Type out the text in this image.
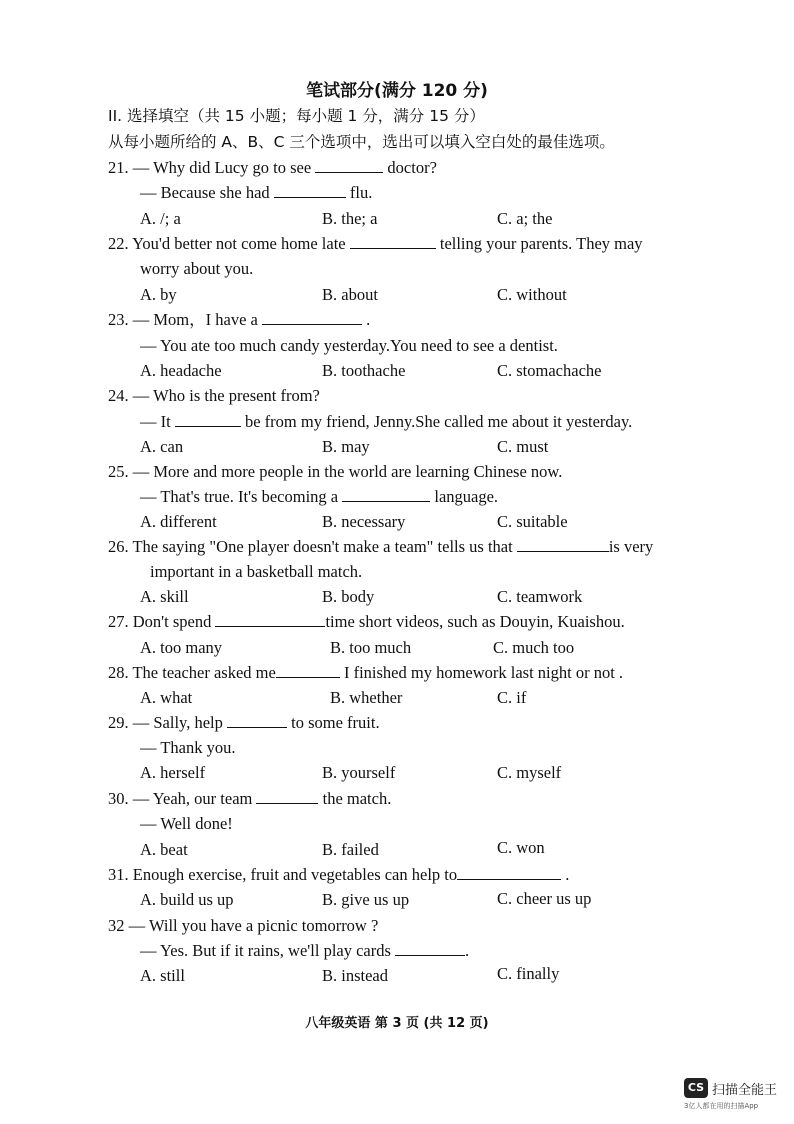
笔试部分(满分 120 分)
II. 选择填空（共 15 小题；每小题 1 分，满分 15 分）
从每小题所给的 A、B、C 三个选项中，选出可以填入空白处的最佳选项。
21. — Why did Lucy go to see	doctor?
— Because she had	flu.
A. /; a	B. the; a	C. a; the
22. You'd better not come home late	telling your parents. They may
worry about you.
A. by	B. about	C. without
23. — Mom，I have a	.
— You ate too much candy yesterday.You need to see a dentist.
A. headache	B. toothache	C. stomachache
24. — Who is the present from?
— It	be from my friend, Jenny.She called me about it yesterday.
A. can	B. may	C. must
25. — More and more people in the world are learning Chinese now.
— That's true. It's becoming a	language.
A. different	B. necessary	C. suitable
26. The saying "One player doesn't make a team" tells us that	is very
important in a basketball match.
A. skill	B. body	C. teamwork
27. Don't spend	time short videos, such as Douyin, Kuaishou.
A. too many	B. too much	C. much too
28. The teacher asked me	I finished my homework last night or not .
A. what	B. whether	C. if
29. — Sally, help	to some fruit.
— Thank you.
A. herself	B. yourself	C. myself
30. — Yeah, our team	the match.
— Well done!
A. beat	B. failed	C. won
31. Enough exercise, fruit and vegetables can help to	.
A. build us up	B. give us up	C. cheer us up
32 — Will you have a picnic tomorrow ?
— Yes. But if it rains, we'll play cards	.
A. still	B. instead	C. finally
八年级英语 第 3 页 (共 12 页)
CS 扫描全能王
3亿人都在用的扫描App
